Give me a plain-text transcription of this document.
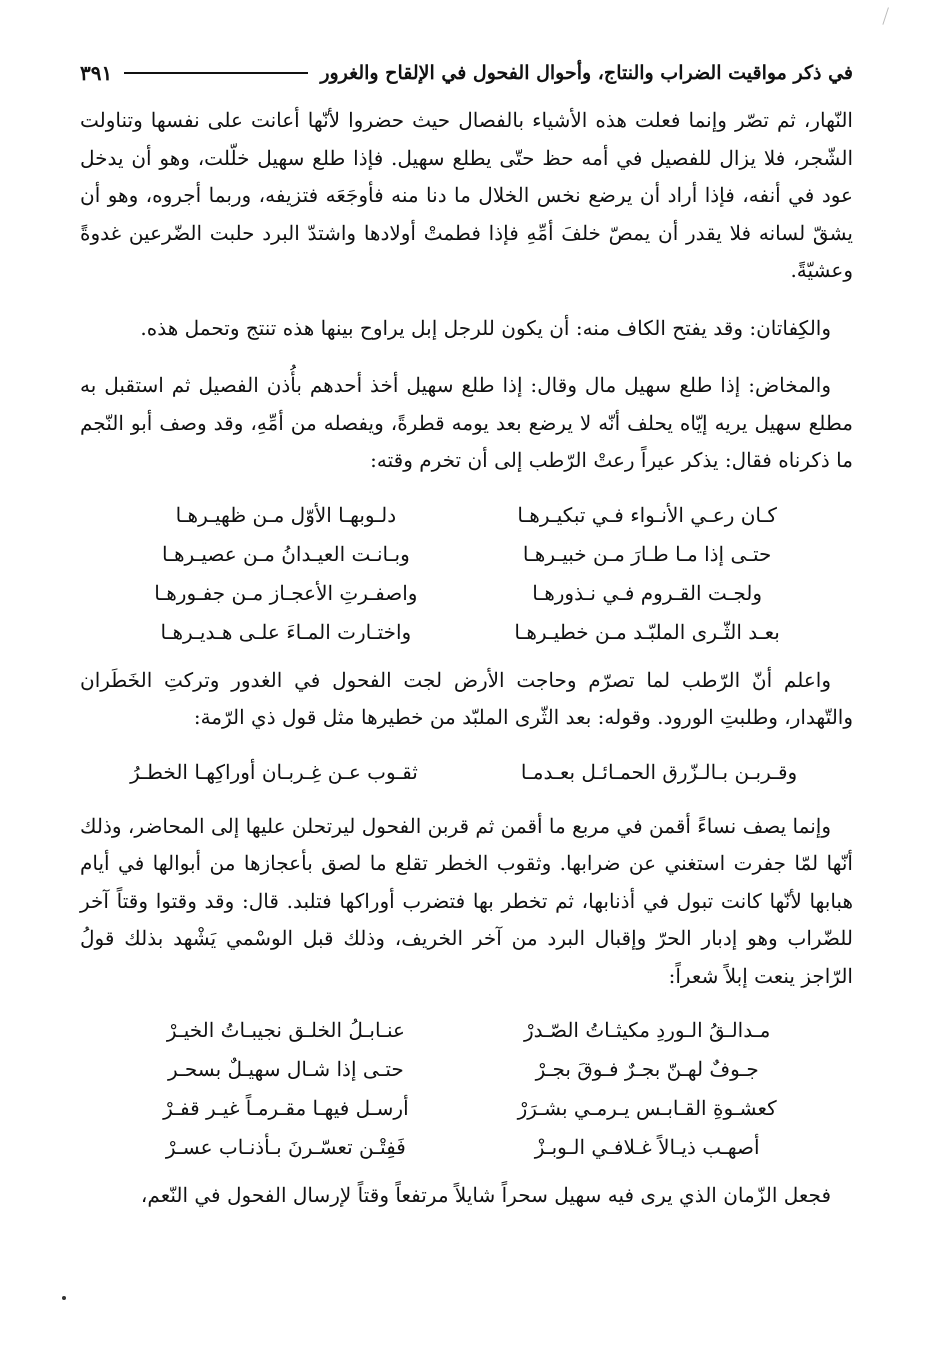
في ذكر مواقيت الضراب والنتاج، وأحوال الفحول في الإلقاح والغرور
٣٩١

النّهار، ثم تصّر وإنما فعلت هذه الأشياء بالفصال حيث حضروا لأنّها أعانت على نفسها وتناولت الشّجر، فلا يزال للفصيل في أمه حظ حتّى يطلع سهيل. فإذا طلع سهيل خلّلت، وهو أن يدخل عود في أنفه، فإذا أراد أن يرضع نخس الخلال ما دنا منه فأوجَعَه فتزيفه، وربما أجروه، وهو أن يشقّ لسانه فلا يقدر أن يمصّ خلفَ أمِّهِ فإذا فطمتْ أولادها واشتدّ البرد حلبت الضّرعين غدوةً وعشيّةً.

والكِفاتان: وقد يفتح الكاف منه: أن يكون للرجل إبل يراوح بينها هذه تنتج وتحمل هذه.

والمخاض: إذا طلع سهيل مال وقال: إذا طلع سهيل أخذ أحدهم بأُذن الفصيل ثم استقبل به مطلع سهيل يريه إيّاه يحلف أنّه لا يرضع بعد يومه قطرةً، ويفصله من أمِّهِ، وقد وصف أبو النّجم ما ذكرناه فقال: يذكر عيراً رعتْ الرّطب إلى أن تخرم وقته:

كـان رعـي الأنـواء فـي تبكيـرهـا
دلـوبهـا الأوّل مـن ظهيـرهـا
حتـى إذا مـا طـارَ مـن خبيـرهـا
وبـانـت العيـدانُ مـن عصيـرهـا
ولجـت القـروم فـي نـذورهـا
واصفـرتِ الأعجـاز مـن جفـورهـا
بعـد الثّـرى الملبّـد مـن خطيـرهـا
واختـارت المـاءَ علـى هـديـرهـا

واعلم أنّ الرّطب لما تصرّم وحاجت الأرض لجت الفحول في الغدور وتركتِ الخَطَران والتّهدار، وطلبتِ الورود. وقوله: بعد الثّرى الملبّد من خطيرها مثل قول ذي الرّمة:

وقـربـن بـالـزّرق الحمـائـل بعـدمـا
ثقـوب عـن غِـربـان أوراكِهـا الخطـرُ

وإنما يصف نساءً أقمن في مربع ما أقمن ثم قربن الفحول ليرتحلن عليها إلى المحاضر، وذلك أنّها لمّا جفرت استغني عن ضرابها. وثقوب الخطر تقلع ما لصق بأعجازها من أبوالها في أيام هبابها لأنّها كانت تبول في أذنابها، ثم تخطر بها فتضرب أوراكها فتلبد. قال: وقد وقتوا وقتاً آخر للضّراب وهو إدبار الحرّ وإقبال البرد من آخر الخريف، وذلك قبل الوسْمي يَشْهد بذلك قولُ الرّاجز ينعت إبلاً شعراً:

مـدالـقُ الـوردِ مكيثـاتُ الصّـدرْ
عنـابـلُ الخلـق نجيبـاتُ الخيـرْ
جـوفٌ لهـنّ بجـرٌ فـوقَ بجـرْ
حتـى إذا شـال سهيـلٌ بسحـر
كعشـوةِ القـابـس يـرمـي بشـرَرْ
أرسـل فيهـا مقـرمـاً غيـر قفـرْ
أصهـب ذيـالاً غـلافـي الـوبـزْ
فَفِتْـن تعسّـرنَ بـأذنـاب عسـرْ

فجعل الزّمان الذي يرى فيه سهيل سحراً شايلاً مرتفعاً وقتاً لإرسال الفحول في النّعم،
